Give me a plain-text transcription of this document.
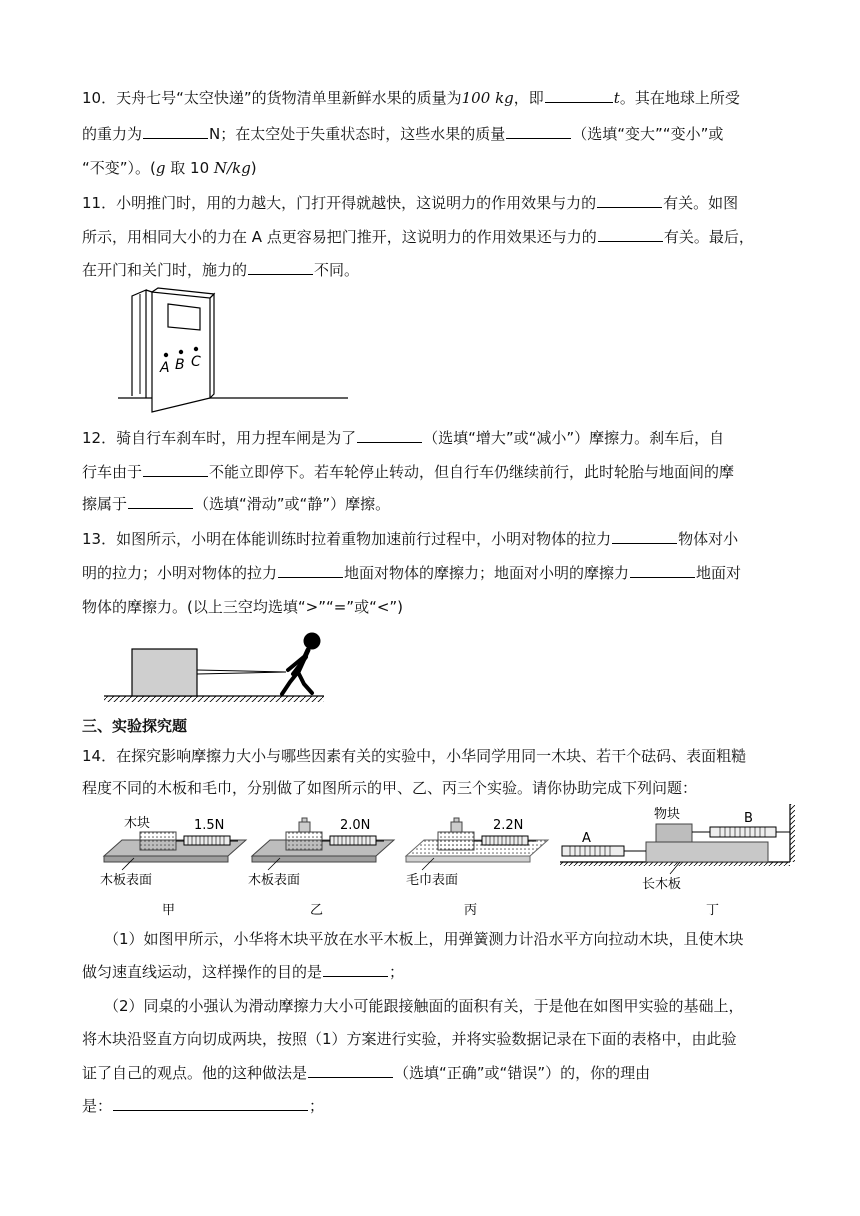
10．天舟七号“太空快递”的货物清单里新鲜水果的质量为100 kg，即	t。其在地球上所受
的重力为	N；在太空处于失重状态时，这些水果的质量	（选填“变大”“变小”或
“不变”）。(g 取 10 N/kg)
11．小明推门时，用的力越大，门打开得就越快，这说明力的作用效果与力的	有关。如图
所示，用相同大小的力在 A 点更容易把门推开，这说明力的作用效果还与力的	有关。最后，
在开门和关门时，施力的	不同。
A B C
12．骑自行车刹车时，用力捏车闸是为了	（选填“增大”或“减小”）摩擦力。刹车后，自
行车由于	不能立即停下。若车轮停止转动，但自行车仍继续前行，此时轮胎与地面间的摩
擦属于	（选填“滑动”或“静”）摩擦。
13．如图所示，小明在体能训练时拉着重物加速前行过程中，小明对物体的拉力	物体对小
明的拉力；小明对物体的拉力	地面对物体的摩擦力；地面对小明的摩擦力	地面对
物体的摩擦力。(以上三空均选填“>”“=”或“<”)
三、实验探究题
14．在探究影响摩擦力大小与哪些因素有关的实验中，小华同学用同一木块、若干个砝码、表面粗糙
程度不同的木板和毛巾，分别做了如图所示的甲、乙、丙三个实验。请你协助完成下列问题：
木块	1.5N
木板表面
甲
2.0N
木板表面
乙
2.2N
毛巾表面
丙
物块
A
B
长木板
丁
（1）如图甲所示，小华将木块平放在水平木板上，用弹簧测力计沿水平方向拉动木块，且使木块
做匀速直线运动，这样操作的目的是	；
（2）同桌的小强认为滑动摩擦力大小可能跟接触面的面积有关，于是他在如图甲实验的基础上，
将木块沿竖直方向切成两块，按照（1）方案进行实验，并将实验数据记录在下面的表格中，由此验
证了自己的观点。他的这种做法是	（选填“正确”或“错误”）的，你的理由
是：	；
